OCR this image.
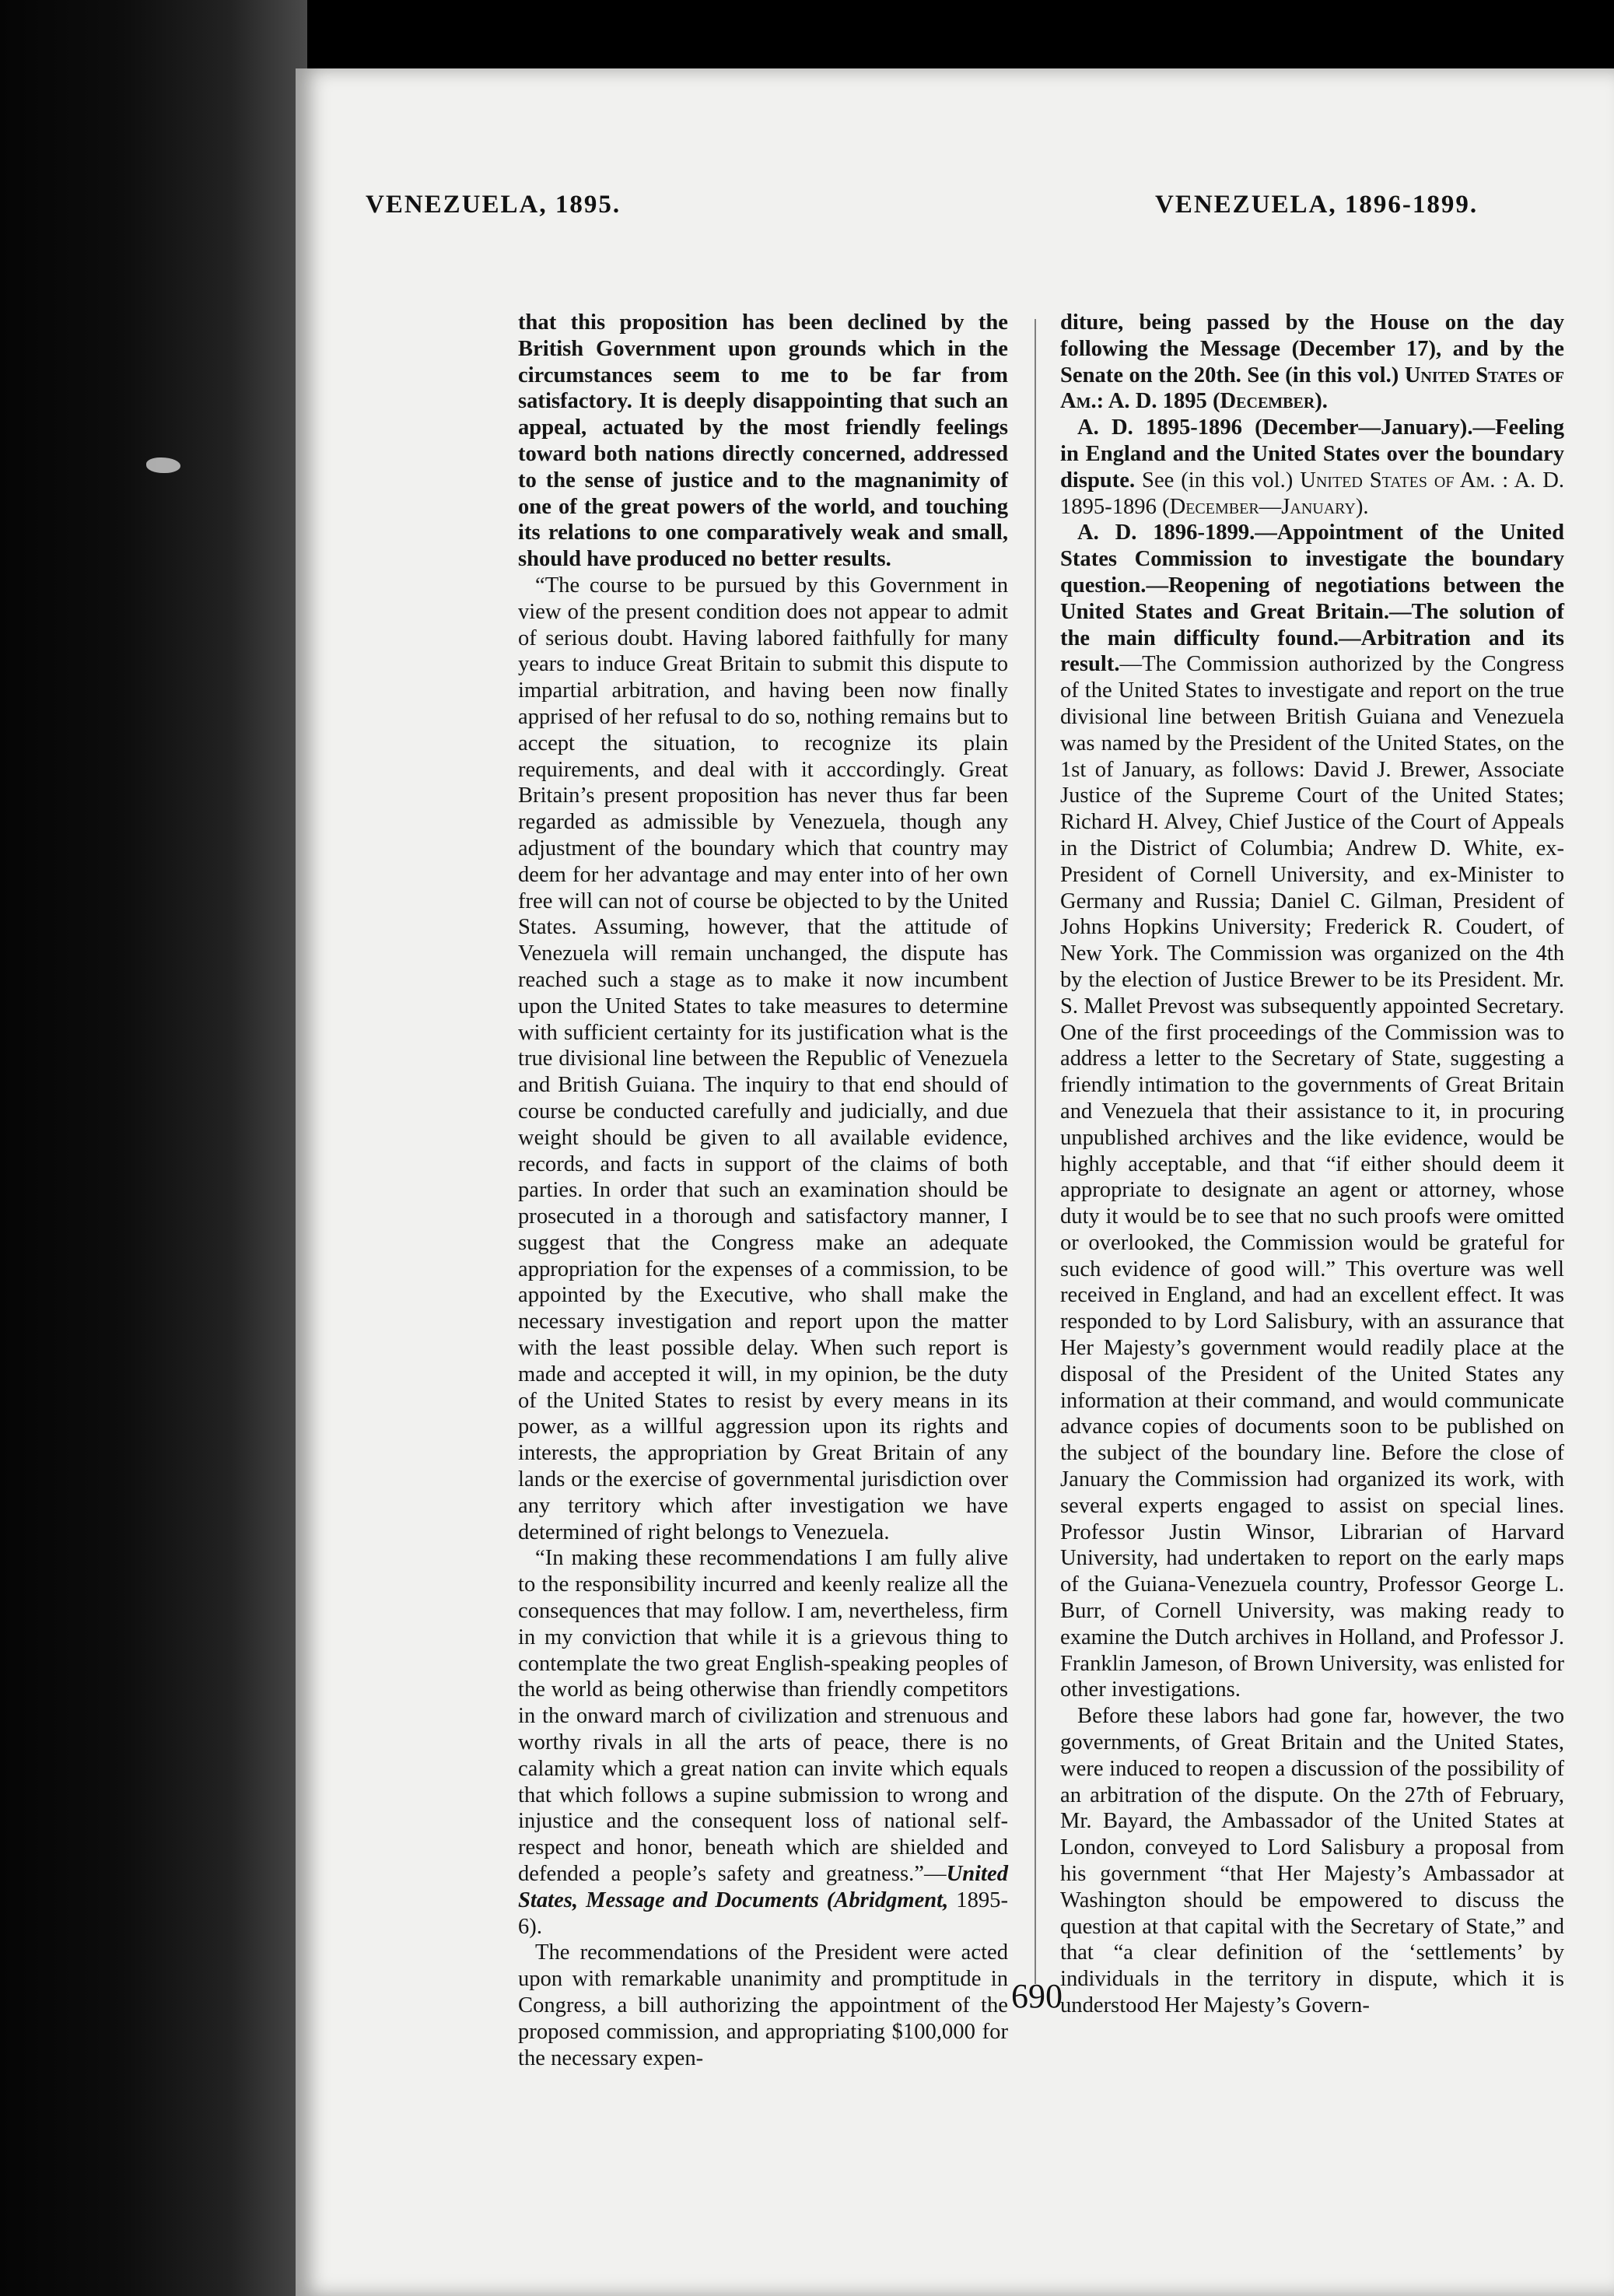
VENEZUELA, 1895.	VENEZUELA, 1896-1899.

that this proposition has been declined by the British Government upon grounds which in the circumstances seem to me to be far from satisfactory. It is deeply disappointing that such an appeal, actuated by the most friendly feelings toward both nations directly concerned, addressed to the sense of justice and to the magnanimity of one of the great powers of the world, and touching its relations to one comparatively weak and small, should have produced no better results.

“The course to be pursued by this Government in view of the present condition does not appear to admit of serious doubt. Having labored faithfully for many years to induce Great Britain to submit this dispute to impartial arbitration, and having been now finally apprised of her refusal to do so, nothing remains but to accept the situation, to recognize its plain requirements, and deal with it acccordingly. Great Britain’s present proposition has never thus far been regarded as admissible by Venezuela, though any adjustment of the boundary which that country may deem for her advantage and may enter into of her own free will can not of course be objected to by the United States. Assuming, however, that the attitude of Venezuela will remain unchanged, the dispute has reached such a stage as to make it now incumbent upon the United States to take measures to determine with sufficient certainty for its justification what is the true divisional line between the Republic of Venezuela and British Guiana. The inquiry to that end should of course be conducted carefully and judicially, and due weight should be given to all available evidence, records, and facts in support of the claims of both parties. In order that such an examination should be prosecuted in a thorough and satisfactory manner, I suggest that the Congress make an adequate appropriation for the expenses of a commission, to be appointed by the Executive, who shall make the necessary investigation and report upon the matter with the least possible delay. When such report is made and accepted it will, in my opinion, be the duty of the United States to resist by every means in its power, as a willful aggression upon its rights and interests, the appropriation by Great Britain of any lands or the exercise of governmental jurisdiction over any territory which after investigation we have determined of right belongs to Venezuela.

“In making these recommendations I am fully alive to the responsibility incurred and keenly realize all the consequences that may follow. I am, nevertheless, firm in my conviction that while it is a grievous thing to contemplate the two great English-speaking peoples of the world as being otherwise than friendly competitors in the onward march of civilization and strenuous and worthy rivals in all the arts of peace, there is no calamity which a great nation can invite which equals that which follows a supine submission to wrong and injustice and the consequent loss of national self-respect and honor, beneath which are shielded and defended a people’s safety and greatness.”—United States, Message and Documents (Abridgment, 1895-6).

The recommendations of the President were acted upon with remarkable unanimity and promptitude in Congress, a bill authorizing the appointment of the proposed commission, and appropriating $100,000 for the necessary expen-

diture, being passed by the House on the day following the Message (December 17), and by the Senate on the 20th. See (in this vol.) United States of Am.: A. D. 1895 (December).

A. D. 1895-1896 (December—January).—Feeling in England and the United States over the boundary dispute. See (in this vol.) United States of Am. : A. D. 1895-1896 (December—January).

A. D. 1896-1899.—Appointment of the United States Commission to investigate the boundary question.—Reopening of negotiations between the United States and Great Britain.—The solution of the main difficulty found.—Arbitration and its result.—The Commission authorized by the Congress of the United States to investigate and report on the true divisional line between British Guiana and Venezuela was named by the President of the United States, on the 1st of January, as follows: David J. Brewer, Associate Justice of the Supreme Court of the United States; Richard H. Alvey, Chief Justice of the Court of Appeals in the District of Columbia; Andrew D. White, ex-President of Cornell University, and ex-Minister to Germany and Russia; Daniel C. Gilman, President of Johns Hopkins University; Frederick R. Coudert, of New York. The Commission was organized on the 4th by the election of Justice Brewer to be its President. Mr. S. Mallet Prevost was subsequently appointed Secretary. One of the first proceedings of the Commission was to address a letter to the Secretary of State, suggesting a friendly intimation to the governments of Great Britain and Venezuela that their assistance to it, in procuring unpublished archives and the like evidence, would be highly acceptable, and that “if either should deem it appropriate to designate an agent or attorney, whose duty it would be to see that no such proofs were omitted or overlooked, the Commission would be grateful for such evidence of good will.” This overture was well received in England, and had an excellent effect. It was responded to by Lord Salisbury, with an assurance that Her Majesty’s government would readily place at the disposal of the President of the United States any information at their command, and would communicate advance copies of documents soon to be published on the subject of the boundary line. Before the close of January the Commission had organized its work, with several experts engaged to assist on special lines. Professor Justin Winsor, Librarian of Harvard University, had undertaken to report on the early maps of the Guiana-Venezuela country, Professor George L. Burr, of Cornell University, was making ready to examine the Dutch archives in Holland, and Professor J. Franklin Jameson, of Brown University, was enlisted for other investigations.

Before these labors had gone far, however, the two governments, of Great Britain and the United States, were induced to reopen a discussion of the possibility of an arbitration of the dispute. On the 27th of February, Mr. Bayard, the Ambassador of the United States at London, conveyed to Lord Salisbury a proposal from his government “that Her Majesty’s Ambassador at Washington should be empowered to discuss the question at that capital with the Secretary of State,” and that “a clear definition of the ‘settlements’ by individuals in the territory in dispute, which it is understood Her Majesty’s Govern-

690
